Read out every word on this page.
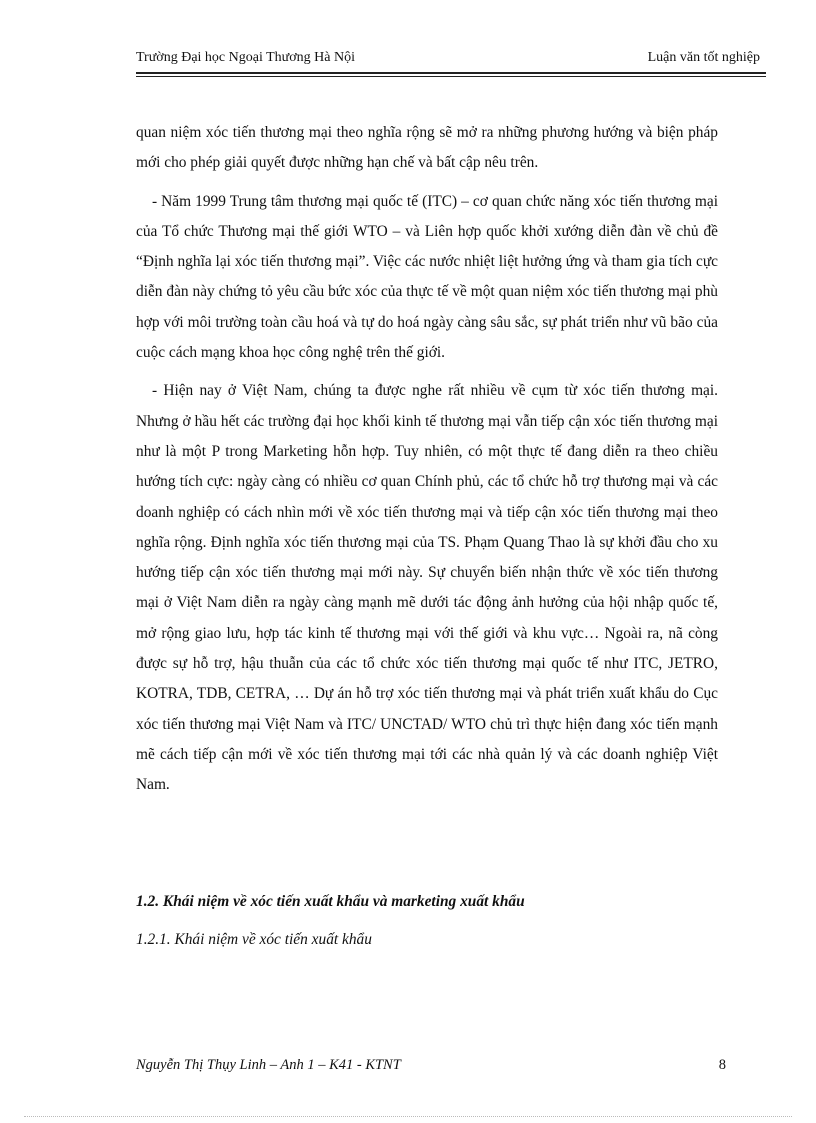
Trường Đại học Ngoại Thương Hà Nội	Luận văn tốt nghiệp

quan niệm xóc tiến thương mại theo nghĩa rộng sẽ mở ra những phương hướng và biện pháp mới cho phép giải quyết được những hạn chế và bất cập nêu trên.

- Năm 1999 Trung tâm thương mại quốc tế (ITC) – cơ quan chức năng xóc tiến thương mại của Tổ chức Thương mại thế giới WTO – và Liên hợp quốc khởi xướng diễn đàn về chủ đề “Định nghĩa lại xóc tiến thương mại”. Việc các nước nhiệt liệt hưởng ứng và tham gia tích cực diễn đàn này chứng tỏ yêu cầu bức xóc của thực tế về một quan niệm xóc tiến thương mại phù hợp với môi trường toàn cầu hoá và tự do hoá ngày càng sâu sắc, sự phát triển như vũ bão của cuộc cách mạng khoa học công nghệ trên thế giới.

- Hiện nay ở Việt Nam, chúng ta được nghe rất nhiều về cụm từ xóc tiến thương mại. Nhưng ở hầu hết các trường đại học khối kinh tế thương mại vẫn tiếp cận xóc tiến thương mại như là một P trong Marketing hỗn hợp. Tuy nhiên, có một thực tế đang diễn ra theo chiều hướng tích cực: ngày càng có nhiều cơ quan Chính phủ, các tổ chức hỗ trợ thương mại và các doanh nghiệp có cách nhìn mới về xóc tiến thương mại và tiếp cận xóc tiến thương mại theo nghĩa rộng. Định nghĩa xóc tiến thương mại của TS. Phạm Quang Thao là sự khởi đầu cho xu hướng tiếp cận xóc tiến thương mại mới này. Sự chuyển biến nhận thức về xóc tiến thương mại ở Việt Nam diễn ra ngày càng mạnh mẽ dưới tác động ảnh hưởng của hội nhập quốc tế, mở rộng giao lưu, hợp tác kinh tế thương mại với thế giới và khu vực… Ngoài ra, nã còng được sự hỗ trợ, hậu thuẫn của các tổ chức xóc tiến thương mại quốc tế như ITC, JETRO, KOTRA, TDB, CETRA, … Dự án hỗ trợ xóc tiến thương mại và phát triển xuất khẩu do Cục xóc tiến thương mại Việt Nam và ITC/ UNCTAD/ WTO chủ trì thực hiện đang xóc tiến mạnh mẽ cách tiếp cận mới về xóc tiến thương mại tới các nhà quản lý và các doanh nghiệp Việt Nam.

1.2. Khái niệm về xóc tiến xuất khẩu và marketing xuất khẩu
1.2.1. Khái niệm về xóc tiến xuất khẩu
Nguyễn Thị Thụy Linh – Anh 1 – K41 - KTNT	8
